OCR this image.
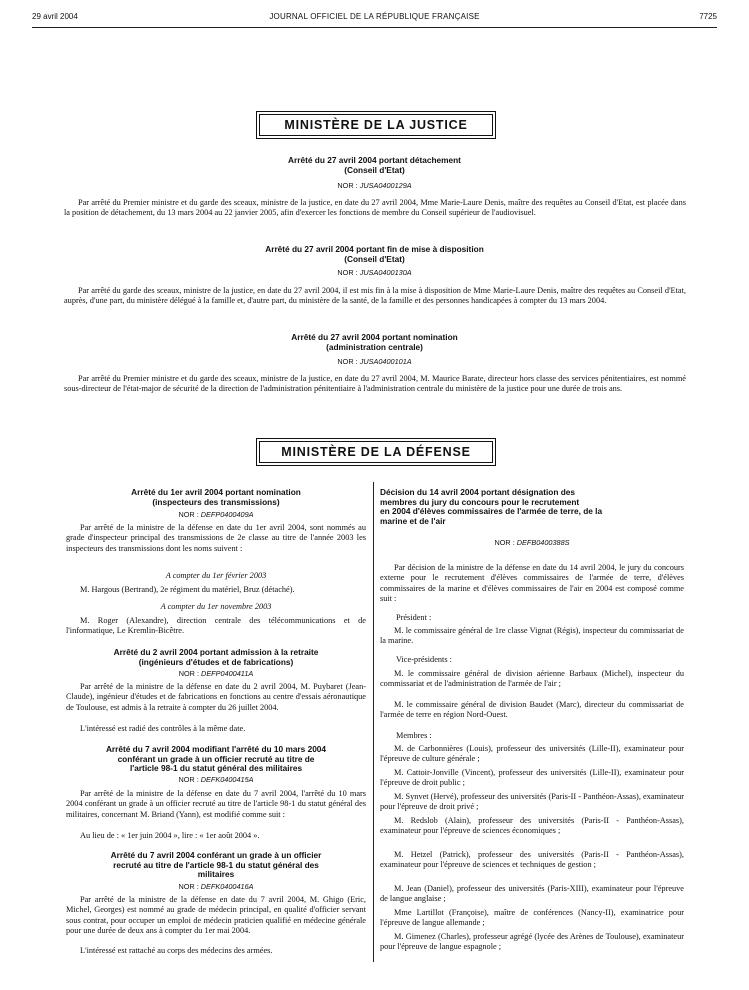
29 avril 2004	JOURNAL OFFICIEL DE LA RÉPUBLIQUE FRANÇAISE	7725
MINISTÈRE DE LA JUSTICE
Arrêté du 27 avril 2004 portant détachement
(Conseil d'Etat)
NOR : JUSA0400129A
Par arrêté du Premier ministre et du garde des sceaux, ministre de la justice, en date du 27 avril 2004, Mme Marie-Laure Denis, maître des requêtes au Conseil d'Etat, est placée dans la position de détachement, du 13 mars 2004 au 22 janvier 2005, afin d'exercer les fonctions de membre du Conseil supérieur de l'audiovisuel.
Arrêté du 27 avril 2004 portant fin de mise à disposition
(Conseil d'Etat)
NOR : JUSA0400130A
Par arrêté du garde des sceaux, ministre de la justice, en date du 27 avril 2004, il est mis fin à la mise à disposition de Mme Marie-Laure Denis, maître des requêtes au Conseil d'Etat, auprès, d'une part, du ministère délégué à la famille et, d'autre part, du ministère de la santé, de la famille et des personnes handicapées à compter du 13 mars 2004.
Arrêté du 27 avril 2004 portant nomination
(administration centrale)
NOR : JUSA0400101A
Par arrêté du Premier ministre et du garde des sceaux, ministre de la justice, en date du 27 avril 2004, M. Maurice Barate, directeur hors classe des services pénitentiaires, est nommé sous-directeur de l'état-major de sécurité de la direction de l'administration pénitentiaire à l'administration centrale du ministère de la justice pour une durée de trois ans.
MINISTÈRE DE LA DÉFENSE
Arrêté du 1er avril 2004 portant nomination
(inspecteurs des transmissions)
NOR : DEFP0400409A
Par arrêté de la ministre de la défense en date du 1er avril 2004, sont nommés au grade d'inspecteur principal des transmissions de 2e classe au titre de l'année 2003 les inspecteurs des transmissions dont les noms suivent :
A compter du 1er février 2003
M. Hargous (Bertrand), 2e régiment du matériel, Bruz (détaché).
A compter du 1er novembre 2003
M. Roger (Alexandre), direction centrale des télécommunications et de l'informatique, Le Kremlin-Bicêtre.
Arrêté du 2 avril 2004 portant admission à la retraite
(ingénieurs d'études et de fabrications)
NOR : DEFP0400411A
Par arrêté de la ministre de la défense en date du 2 avril 2004, M. Puybaret (Jean-Claude), ingénieur d'études et de fabrications en fonctions au centre d'essais aéronautique de Toulouse, est admis à la retraite à compter du 26 juillet 2004.
L'intéressé est radié des contrôles à la même date.
Arrêté du 7 avril 2004 modifiant l'arrêté du 10 mars 2004
conférant un grade à un officier recruté au titre de
l'article 98-1 du statut général des militaires
NOR : DEFK0400415A
Par arrêté de la ministre de la défense en date du 7 avril 2004, l'arrêté du 10 mars 2004 conférant un grade à un officier recruté au titre de l'article 98-1 du statut général des militaires, concernant M. Briand (Yann), est modifié comme suit :
Au lieu de : « 1er juin 2004 », lire : « 1er août 2004 ».
Arrêté du 7 avril 2004 conférant un grade à un officier
recruté au titre de l'article 98-1 du statut général des
militaires
NOR : DEFK0400416A
Par arrêté de la ministre de la défense en date du 7 avril 2004, M. Ghigo (Eric, Michel, Georges) est nommé au grade de médecin principal, en qualité d'officier servant sous contrat, pour occuper un emploi de médecin praticien qualifié en médecine générale pour une durée de deux ans à compter du 1er mai 2004.
L'intéressé est rattaché au corps des médecins des armées.
Décision du 14 avril 2004 portant désignation des
membres du jury du concours pour le recrutement
en 2004 d'élèves commissaires de l'armée de terre, de la
marine et de l'air
NOR : DEFB0400388S
Par décision de la ministre de la défense en date du 14 avril 2004, le jury du concours externe pour le recrutement d'élèves commissaires de l'armée de terre, d'élèves commissaires de la marine et d'élèves commissaires de l'air en 2004 est composé comme suit :
Président :
M. le commissaire général de 1re classe Vignat (Régis), inspecteur du commissariat de la marine.
Vice-présidents :
M. le commissaire général de division aérienne Barbaux (Michel), inspecteur du commissariat et de l'administration de l'armée de l'air ;
M. le commissaire général de division Baudet (Marc), directeur du commissariat de l'armée de terre en région Nord-Ouest.
Membres :
M. de Carbonnières (Louis), professeur des universités (Lille-II), examinateur pour l'épreuve de culture générale ;
M. Cattoir-Jonville (Vincent), professeur des universités (Lille-II), examinateur pour l'épreuve de droit public ;
M. Synvet (Hervé), professeur des universités (Paris-II - Panthéon-Assas), examinateur pour l'épreuve de droit privé ;
M. Redslob (Alain), professeur des universités (Paris-II - Panthéon-Assas), examinateur pour l'épreuve de sciences économiques ;
M. Hetzel (Patrick), professeur des universités (Paris-II - Panthéon-Assas), examinateur pour l'épreuve de sciences et techniques de gestion ;
M. Jean (Daniel), professeur des universités (Paris-XIII), examinateur pour l'épreuve de langue anglaise ;
Mme Lartillot (Françoise), maître de conférences (Nancy-II), examinatrice pour l'épreuve de langue allemande ;
M. Gimenez (Charles), professeur agrégé (lycée des Arènes de Toulouse), examinateur pour l'épreuve de langue espagnole ;
